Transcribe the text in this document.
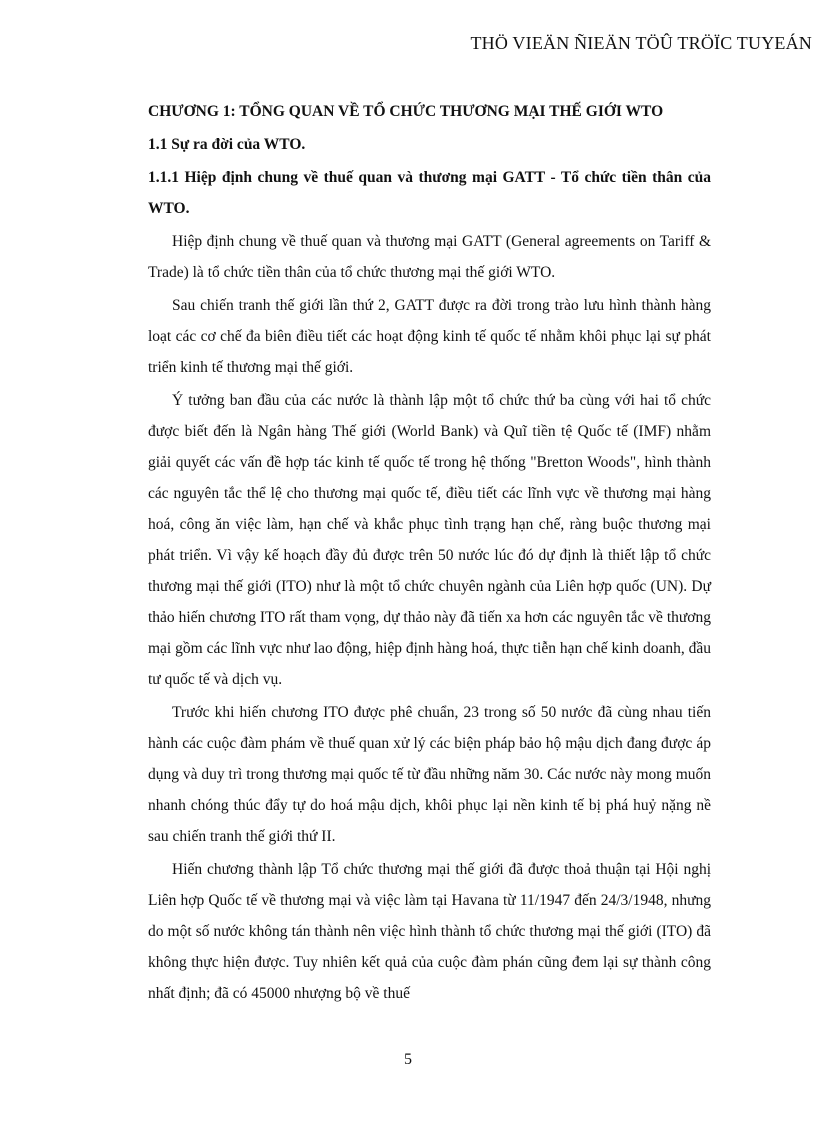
THÖ VIEÄN ÑIEÄN TÖÛ TRÖÏC TUYEÁN
CHƯƠNG 1: TỔNG QUAN VỀ TỔ CHỨC THƯƠNG MẠI THẾ GIỚI WTO
1.1 Sự ra đời của WTO.
1.1.1 Hiệp định chung về thuế quan và thương mại GATT - Tổ chức tiền thân của WTO.

Hiệp định chung về thuế quan và thương mại GATT (General agreements on Tariff & Trade) là tổ chức tiền thân của tổ chức thương mại thế giới WTO.

Sau chiến tranh thế giới lần thứ 2, GATT được ra đời trong trào lưu hình thành hàng loạt các cơ chế đa biên điều tiết các hoạt động kinh tế quốc tế nhằm khôi phục lại sự phát triển kinh tế thương mại thế giới.

Ý tưởng ban đầu của các nước là thành lập một tổ chức thứ ba cùng với hai tổ chức được biết đến là Ngân hàng Thế giới (World Bank) và Quĩ tiền tệ Quốc tế (IMF) nhằm giải quyết các vấn đề hợp tác kinh tế quốc tế trong hệ thống "Bretton Woods", hình thành các nguyên tắc thể lệ cho thương mại quốc tế, điều tiết các lĩnh vực về thương mại hàng hoá, công ăn việc làm, hạn chế và khắc phục tình trạng hạn chế, ràng buộc thương mại phát triển. Vì vậy kế hoạch đầy đủ được trên 50 nước lúc đó dự định là thiết lập tổ chức thương mại thế giới (ITO) như là một tổ chức chuyên ngành của Liên hợp quốc (UN). Dự thảo hiến chương ITO rất tham vọng, dự thảo này đã tiến xa hơn các nguyên tắc về thương mại gồm các lĩnh vực như lao động, hiệp định hàng hoá, thực tiễn hạn chế kinh doanh, đầu tư quốc tế và dịch vụ.

Trước khi hiến chương ITO được phê chuẩn, 23 trong số 50 nước đã cùng nhau tiến hành các cuộc đàm phám về thuế quan xử lý các biện pháp bảo hộ mậu dịch đang được áp dụng và duy trì trong thương mại quốc tế từ đầu những năm 30. Các nước này mong muốn nhanh chóng thúc đẩy tự do hoá mậu dịch, khôi phục lại nền kinh tế bị phá huỷ nặng nề sau chiến tranh thế giới thứ II.

Hiến chương thành lập Tổ chức thương mại thế giới đã được thoả thuận tại Hội nghị Liên hợp Quốc tế về thương mại và việc làm tại Havana từ 11/1947 đến 24/3/1948, nhưng do một số nước không tán thành nên việc hình thành tổ chức thương mại thế giới (ITO) đã không thực hiện được. Tuy nhiên kết quả của cuộc đàm phán cũng đem lại sự thành công nhất định; đã có 45000 nhượng bộ về thuế

5
